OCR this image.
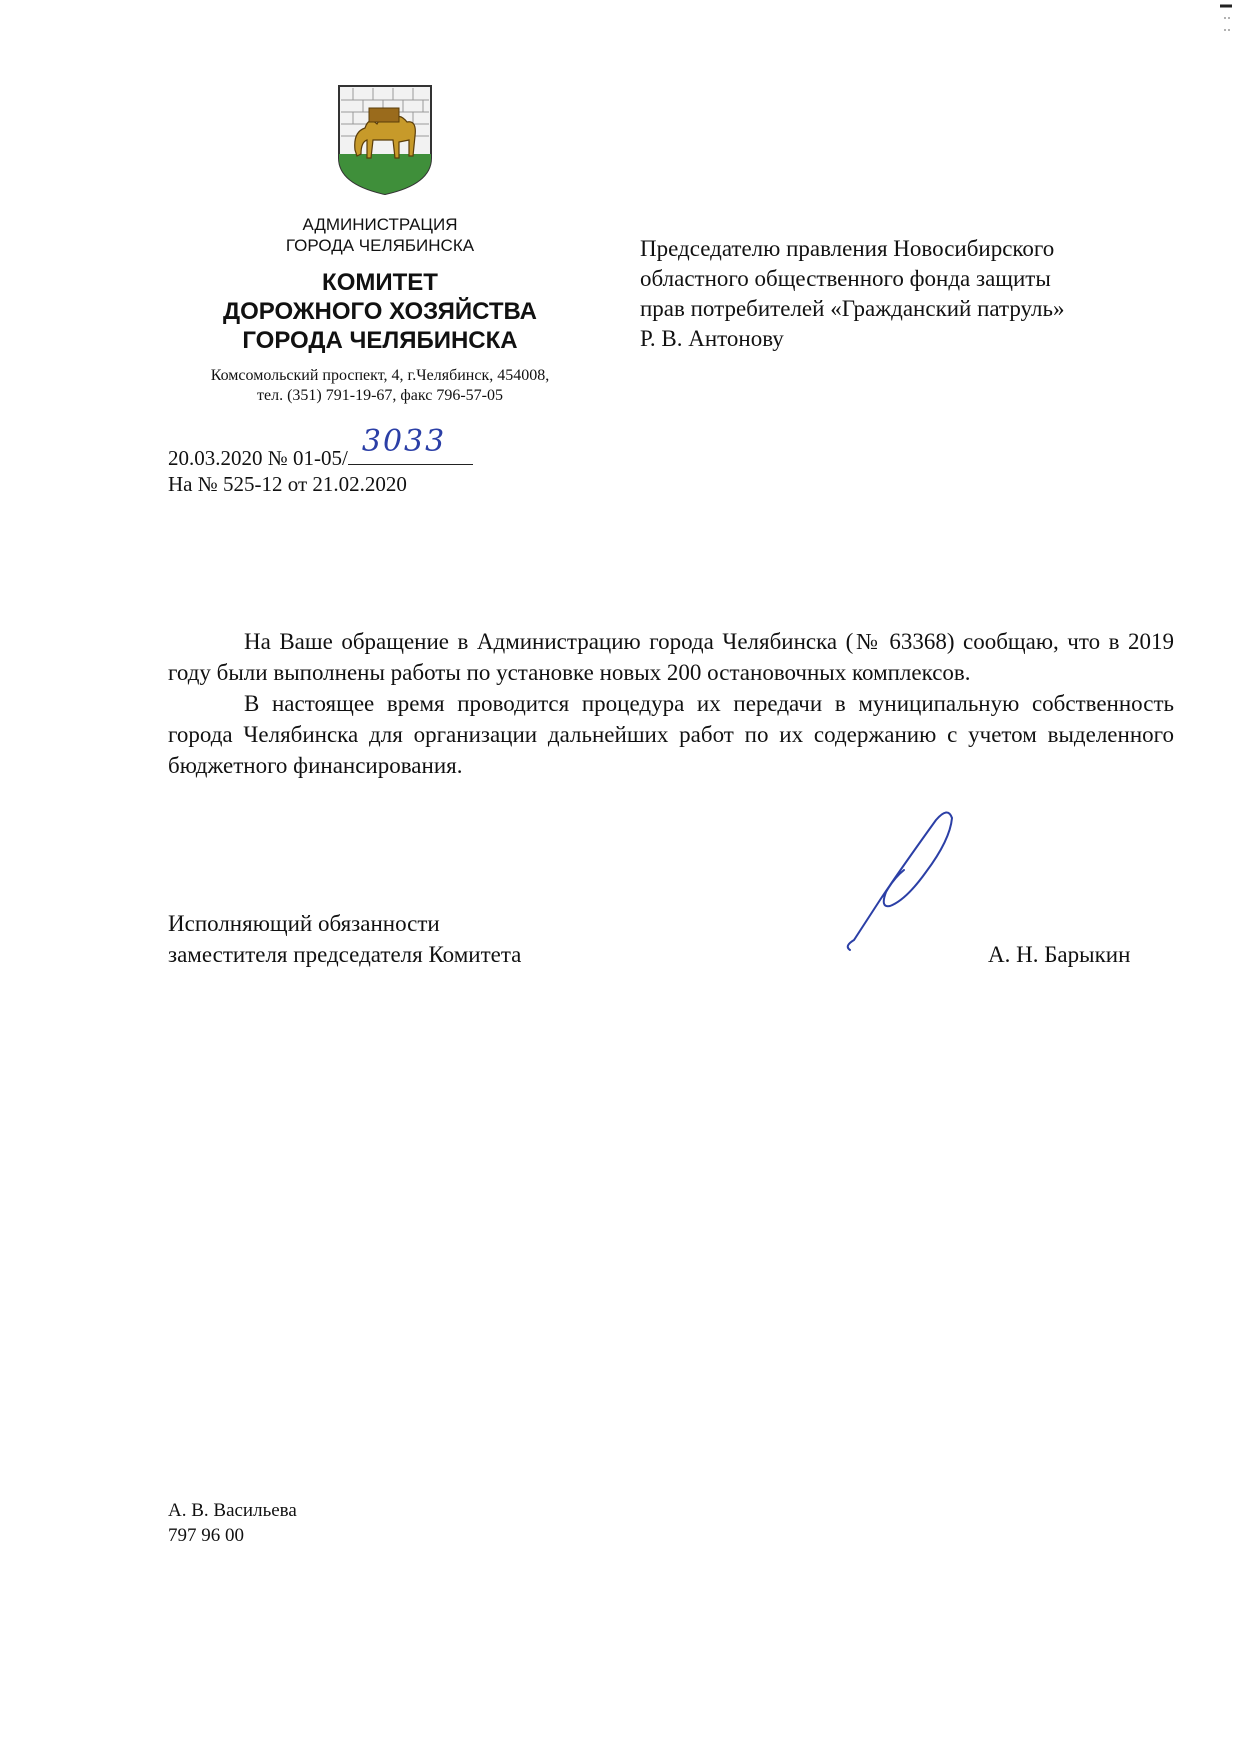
АДМИНИСТРАЦИЯ
ГОРОДА ЧЕЛЯБИНСКА
КОМИТЕТ
ДОРОЖНОГО ХОЗЯЙСТВА
ГОРОДА ЧЕЛЯБИНСКА
Комсомольский проспект, 4, г.Челябинск, 454008,
тел. (351) 791-19-67, факс 796-57-05
Председателю правления Новосибирского
областного общественного фонда защиты
прав потребителей «Гражданский патруль»
Р. В. Антонову
20.03.2020 № 01-05/ 3033
На № 525-12 от 21.02.2020

На Ваше обращение в Администрацию города Челябинска (№ 63368) сообщаю, что в 2019 году были выполнены работы по установке новых 200 остановочных комплексов.

В настоящее время проводится процедура их передачи в муниципальную собственность города Челябинска для организации дальнейших работ по их содержанию с учетом выделенного бюджетного финансирования.

Исполняющий обязанности
заместителя председателя Комитета	А. Н. Барыкин
А. В. Васильева
797 96 00
